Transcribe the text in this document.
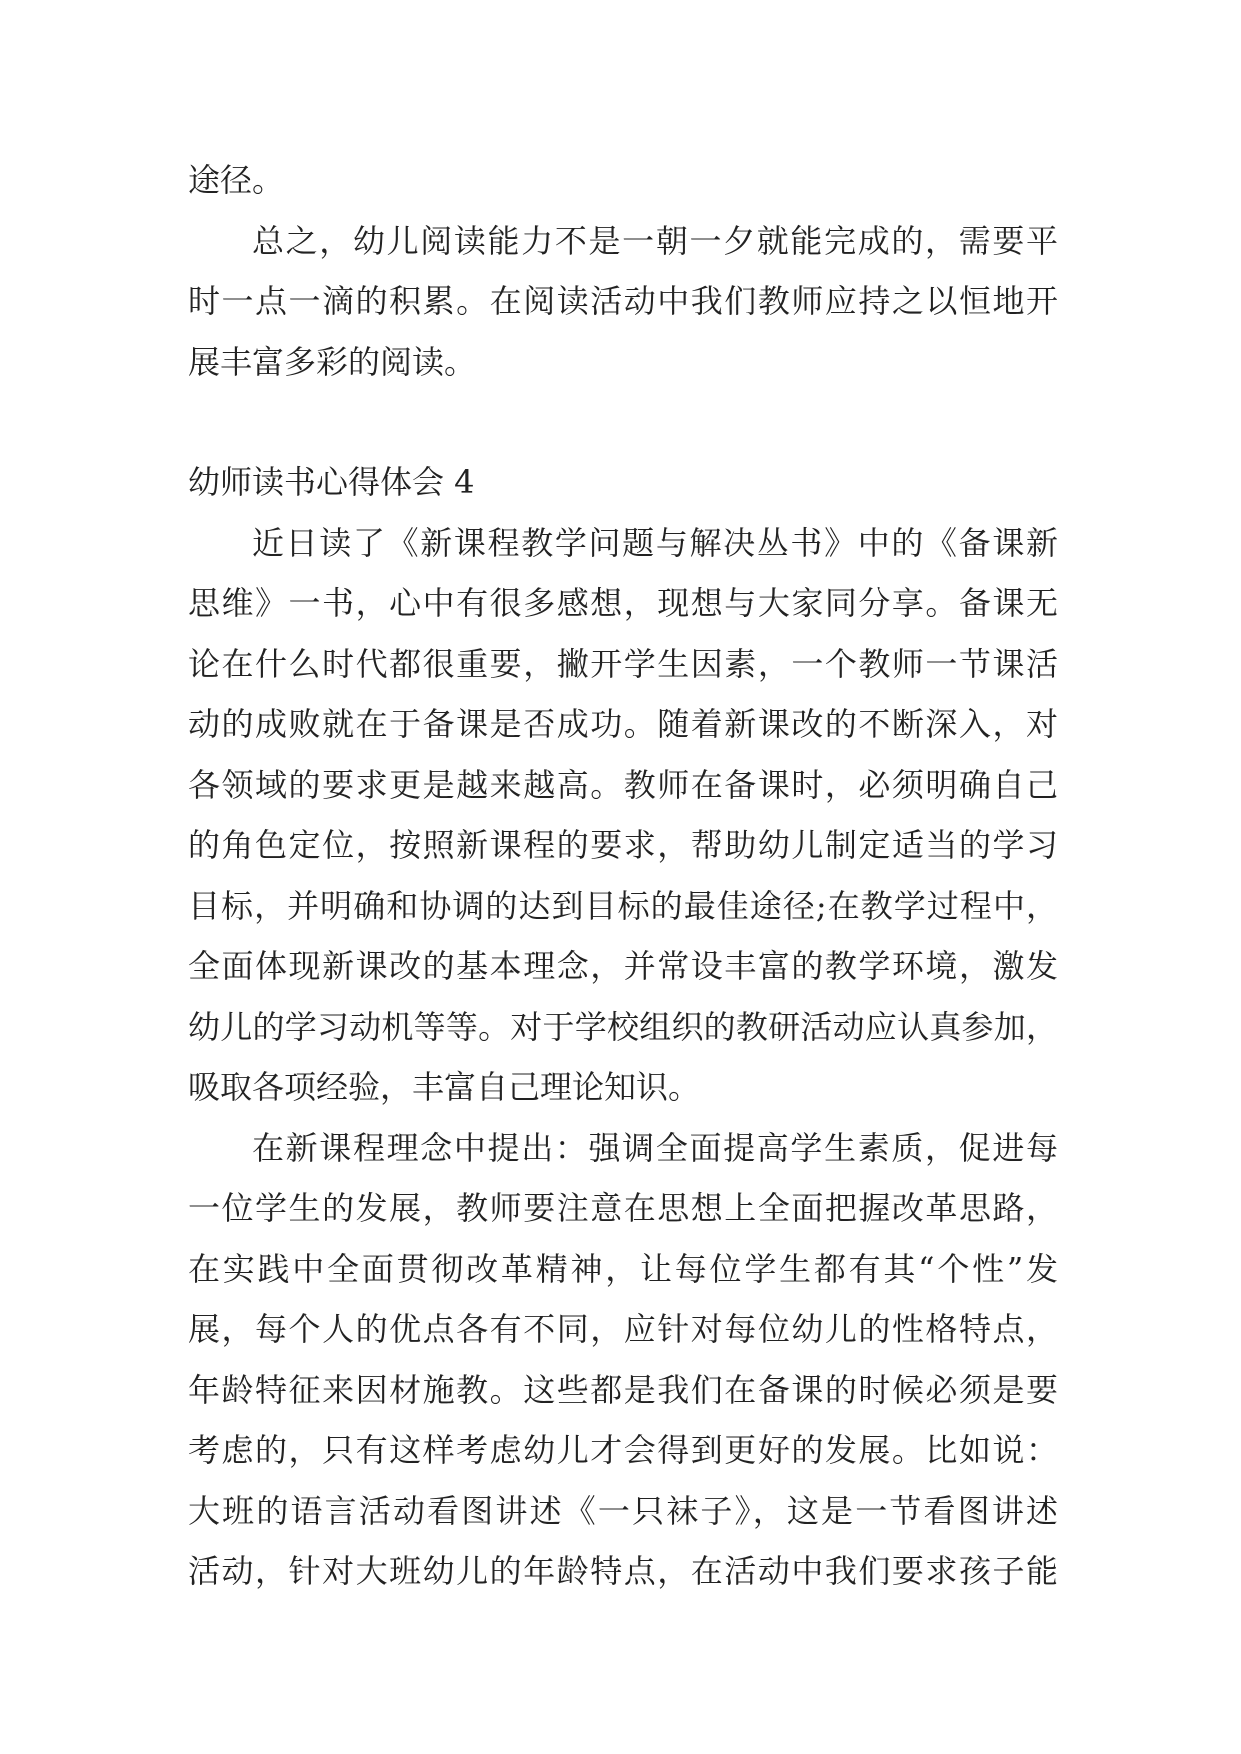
途径。
总之，幼儿阅读能力不是一朝一夕就能完成的，需要平
时一点一滴的积累。在阅读活动中我们教师应持之以恒地开
展丰富多彩的阅读。
幼师读书心得体会 4
近日读了《新课程教学问题与解决丛书》中的《备课新
思维》一书，心中有很多感想，现想与大家同分享。备课无
论在什么时代都很重要，撇开学生因素，一个教师一节课活
动的成败就在于备课是否成功。随着新课改的不断深入，对
各领域的要求更是越来越高。教师在备课时，必须明确自己
的角色定位，按照新课程的要求，帮助幼儿制定适当的学习
目标，并明确和协调的达到目标的最佳途径;在教学过程中，
全面体现新课改的基本理念，并常设丰富的教学环境，激发
幼儿的学习动机等等。对于学校组织的教研活动应认真参加，
吸取各项经验，丰富自己理论知识。
在新课程理念中提出：强调全面提高学生素质，促进每
一位学生的发展，教师要注意在思想上全面把握改革思路，
在实践中全面贯彻改革精神，让每位学生都有其“个性”发
展，每个人的优点各有不同，应针对每位幼儿的性格特点，
年龄特征来因材施教。这些都是我们在备课的时候必须是要
考虑的，只有这样考虑幼儿才会得到更好的发展。比如说：
大班的语言活动看图讲述《一只袜子》，这是一节看图讲述
活动，针对大班幼儿的年龄特点，在活动中我们要求孩子能
